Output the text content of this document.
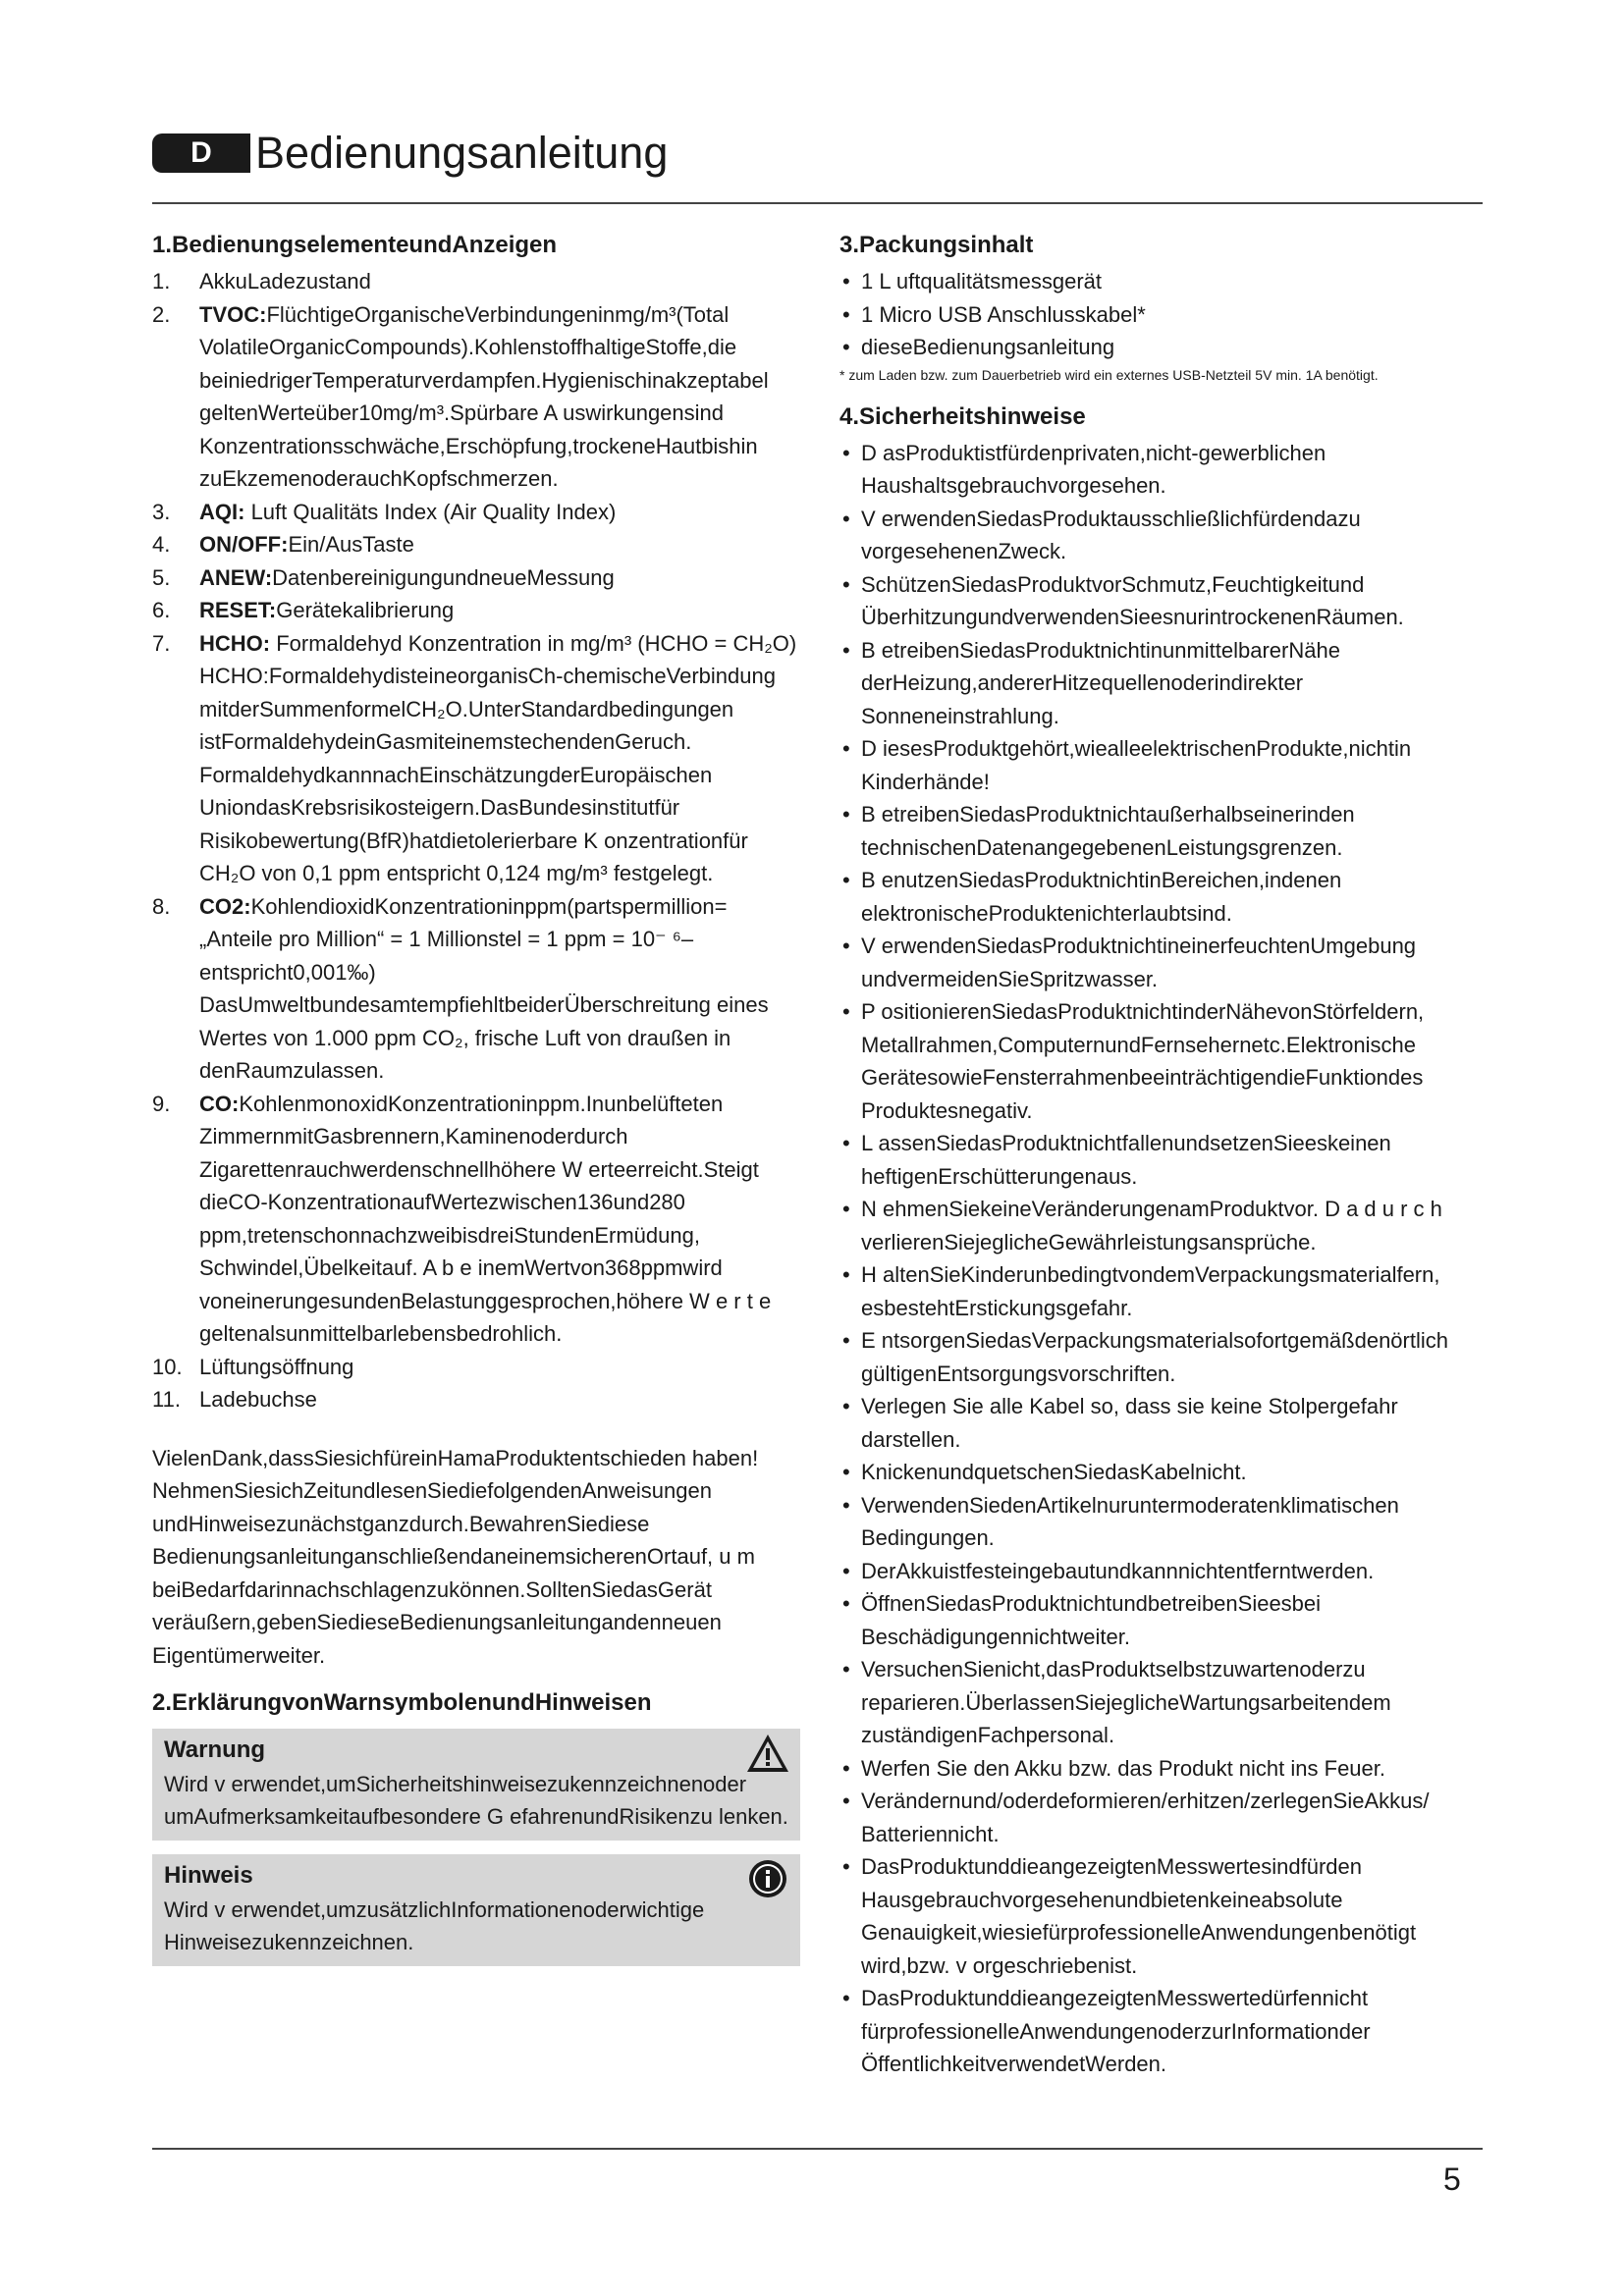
D Bedienungsanleitung
1.BedienungselementeundAnzeigen
1. AkkuLadezustand
2. TVOC:FlüchtigeOrganischeVerbindungeninmg/m³(Total VolatileOrganicCompounds).KohlenstoffhaltigeStoffe,die beiniedrigerTemperaturverdampfen.Hygienischinakzeptabel geltenWerteüber10mg/m³.Spürbare A uswirkungensind Konzentrationsschwäche,Erschöpfung,trockeneHautbishin zuEkzemenoderauchKopfschmerzen.
3. AQI: Luft Qualitäts Index (Air Quality Index)
4. ON/OFF:Ein/AusTaste
5. ANEW:DatenbereinigungundneueMessung
6. RESET:Gerätekalibrierung
7. HCHO: Formaldehyd Konzentration in mg/m³ (HCHO = CH₂O) HCHO:FormaldehydisteineorganisCh-chemischeVerbindung mitderSummenformelCH₂O.UnterStandardbedingungen istFormaldehydeinGasmiteinemstechendenGeruch. FormaldehydkannnachEinschätzungderEuropäischen UniondasKrebsrisikosteigern.DasBundesinstitutfür Risikobewertung(BfR)hatdietolerierbare K onzentrationfür CH₂O von 0,1 ppm entspricht 0,124 mg/m³ festgelegt.
8. CO2:KohlendioxidKonzentrationinppm(partspermillion= „Anteile pro Million“ = 1 Millionstel = 1 ppm = 10⁻ ⁶– entspricht0,001‰) DasUmweltbundesamtempfiehltbeiderÜberschreitung eines Wertes von 1.000 ppm CO₂, frische Luft von draußen in denRaumzulassen.
9. CO:KohlenmonoxidKonzentrationinppm.Inunbelüfteten ZimmernmitGasbrennern,Kaminenoderdurch Zigarettenrauchwerdenschnellhöhere W erteerreicht.Steigt dieCO-KonzentrationaufWertezwischen136und280 ppm,tretenschonnachzweibisdreiStundenErmüdung, Schwindel,Übelkeitauf. A b e inemWertvon368ppmwird voneinerungesundenBelastunggesprochen,höhere W e r t e geltenalsunmittelbarlebensbedrohlich.
10. Lüftungsöffnung
11. Ladebuchse

VielenDank,dassSiesichfüreinHamaProduktentschieden haben! NehmenSiesichZeitundlesenSiediefolgendenAnweisungen undHinweisezunächstganzdurch.BewahrenSiediese BedienungsanleitunganschließendaneinemsicherenOrtauf, u m beiBedarfdarinnachschlagenzukönnen.SolltenSiedasGerät veräußern,gebenSiedieseBedienungsanleitungandenneuen Eigentümerweiter.

2.ErklärungvonWarnsymbolenundHinweisen
Warnung
Wird v erwendet,umSicherheitshinweisezukennzeichnenoder umAufmerksamkeitaufbesondere G efahrenundRisikenzu lenken.
Hinweis
Wird v erwendet,umzusätzlichInformationenoderwichtige Hinweisezukennzeichnen.
3.Packungsinhalt
• 1 L uftqualitätsmessgerät
• 1 Micro USB Anschlusskabel*
• dieseBedienungsanleitung
* zum Laden bzw. zum Dauerbetrieb wird ein externes USB-Netzteil 5V min. 1A benötigt.
4.Sicherheitshinweise
• D asProduktistfürdenprivaten,nicht-gewerblichen Haushaltsgebrauchvorgesehen.
• V erwendenSiedasProduktausschließlichfürdendazu vorgesehenenZweck.
• SchützenSiedasProduktvorSchmutz,Feuchtigkeitund ÜberhitzungundverwendenSieesnurintrockenenRäumen.
• B etreibenSiedasProduktnichtinunmittelbarerNähe derHeizung,andererHitzequellenoderindirekter Sonneneinstrahlung.
• D iesesProduktgehört,wiealleelektrischenProdukte,nichtin Kinderhände!
• B etreibenSiedasProduktnichtaußerhalbseinerinden technischenDatenangegebenenLeistungsgrenzen.
• B enutzenSiedasProduktnichtinBereichen,indenen elektronischeProduktenichterlaubtsind.
• V erwendenSiedasProduktnichtineinerfeuchtenUmgebung undvermeidenSieSpritzwasser.
• P ositionierenSiedasProduktnichtinderNähevonStörfeldern, Metallrahmen,ComputernundFernsehernetc.Elektronische GerätesowieFensterrahmenbeeinträchtigendieFunktiondes Produktesnegativ.
• L assenSiedasProduktnichtfallenundsetzenSieeskeinen heftigenErschütterungenaus.
• N ehmenSiekeineVeränderungenamProduktvor. D a d u r c h verlierenSiejeglicheGewährleistungsansprüche.
• H altenSieKinderunbedingtvondemVerpackungsmaterialfern, esbestehtErstickungsgefahr.
• E ntsorgenSiedasVerpackungsmaterialsofortgemäßdenörtlich gültigenEntsorgungsvorschriften.
• Verlegen Sie alle Kabel so, dass sie keine Stolpergefahr darstellen.
• KnickenundquetschenSiedasKabelnicht.
• VerwendenSiedenArtikelnuruntermoderatenklimatischen Bedingungen.
• DerAkkuistfesteingebautundkannnichtentferntwerden.
• ÖffnenSiedasProduktnichtundbetreibenSieesbei Beschädigungennichtweiter.
• VersuchenSienicht,dasProduktselbstzuwartenoderzu reparieren.ÜberlassenSiejeglicheWartungsarbeitendem zuständigenFachpersonal.
• Werfen Sie den Akku bzw. das Produkt nicht ins Feuer.
• Verändernund/oderdeformieren/erhitzen/zerlegenSieAkkus/ Batteriennicht.
• DasProduktunddieangezeigtenMesswertesindfürden Hausgebrauchvorgesehenundbietenkeineabsolute Genauigkeit,wiesiefürprofessionelleAnwendungenbenötigt wird,bzw. v orgeschriebenist.
• DasProduktunddieangezeigtenMesswertedürfennicht fürprofessionelleAnwendungenoderzurInformationder ÖffentlichkeitverwendetWerden.
5
